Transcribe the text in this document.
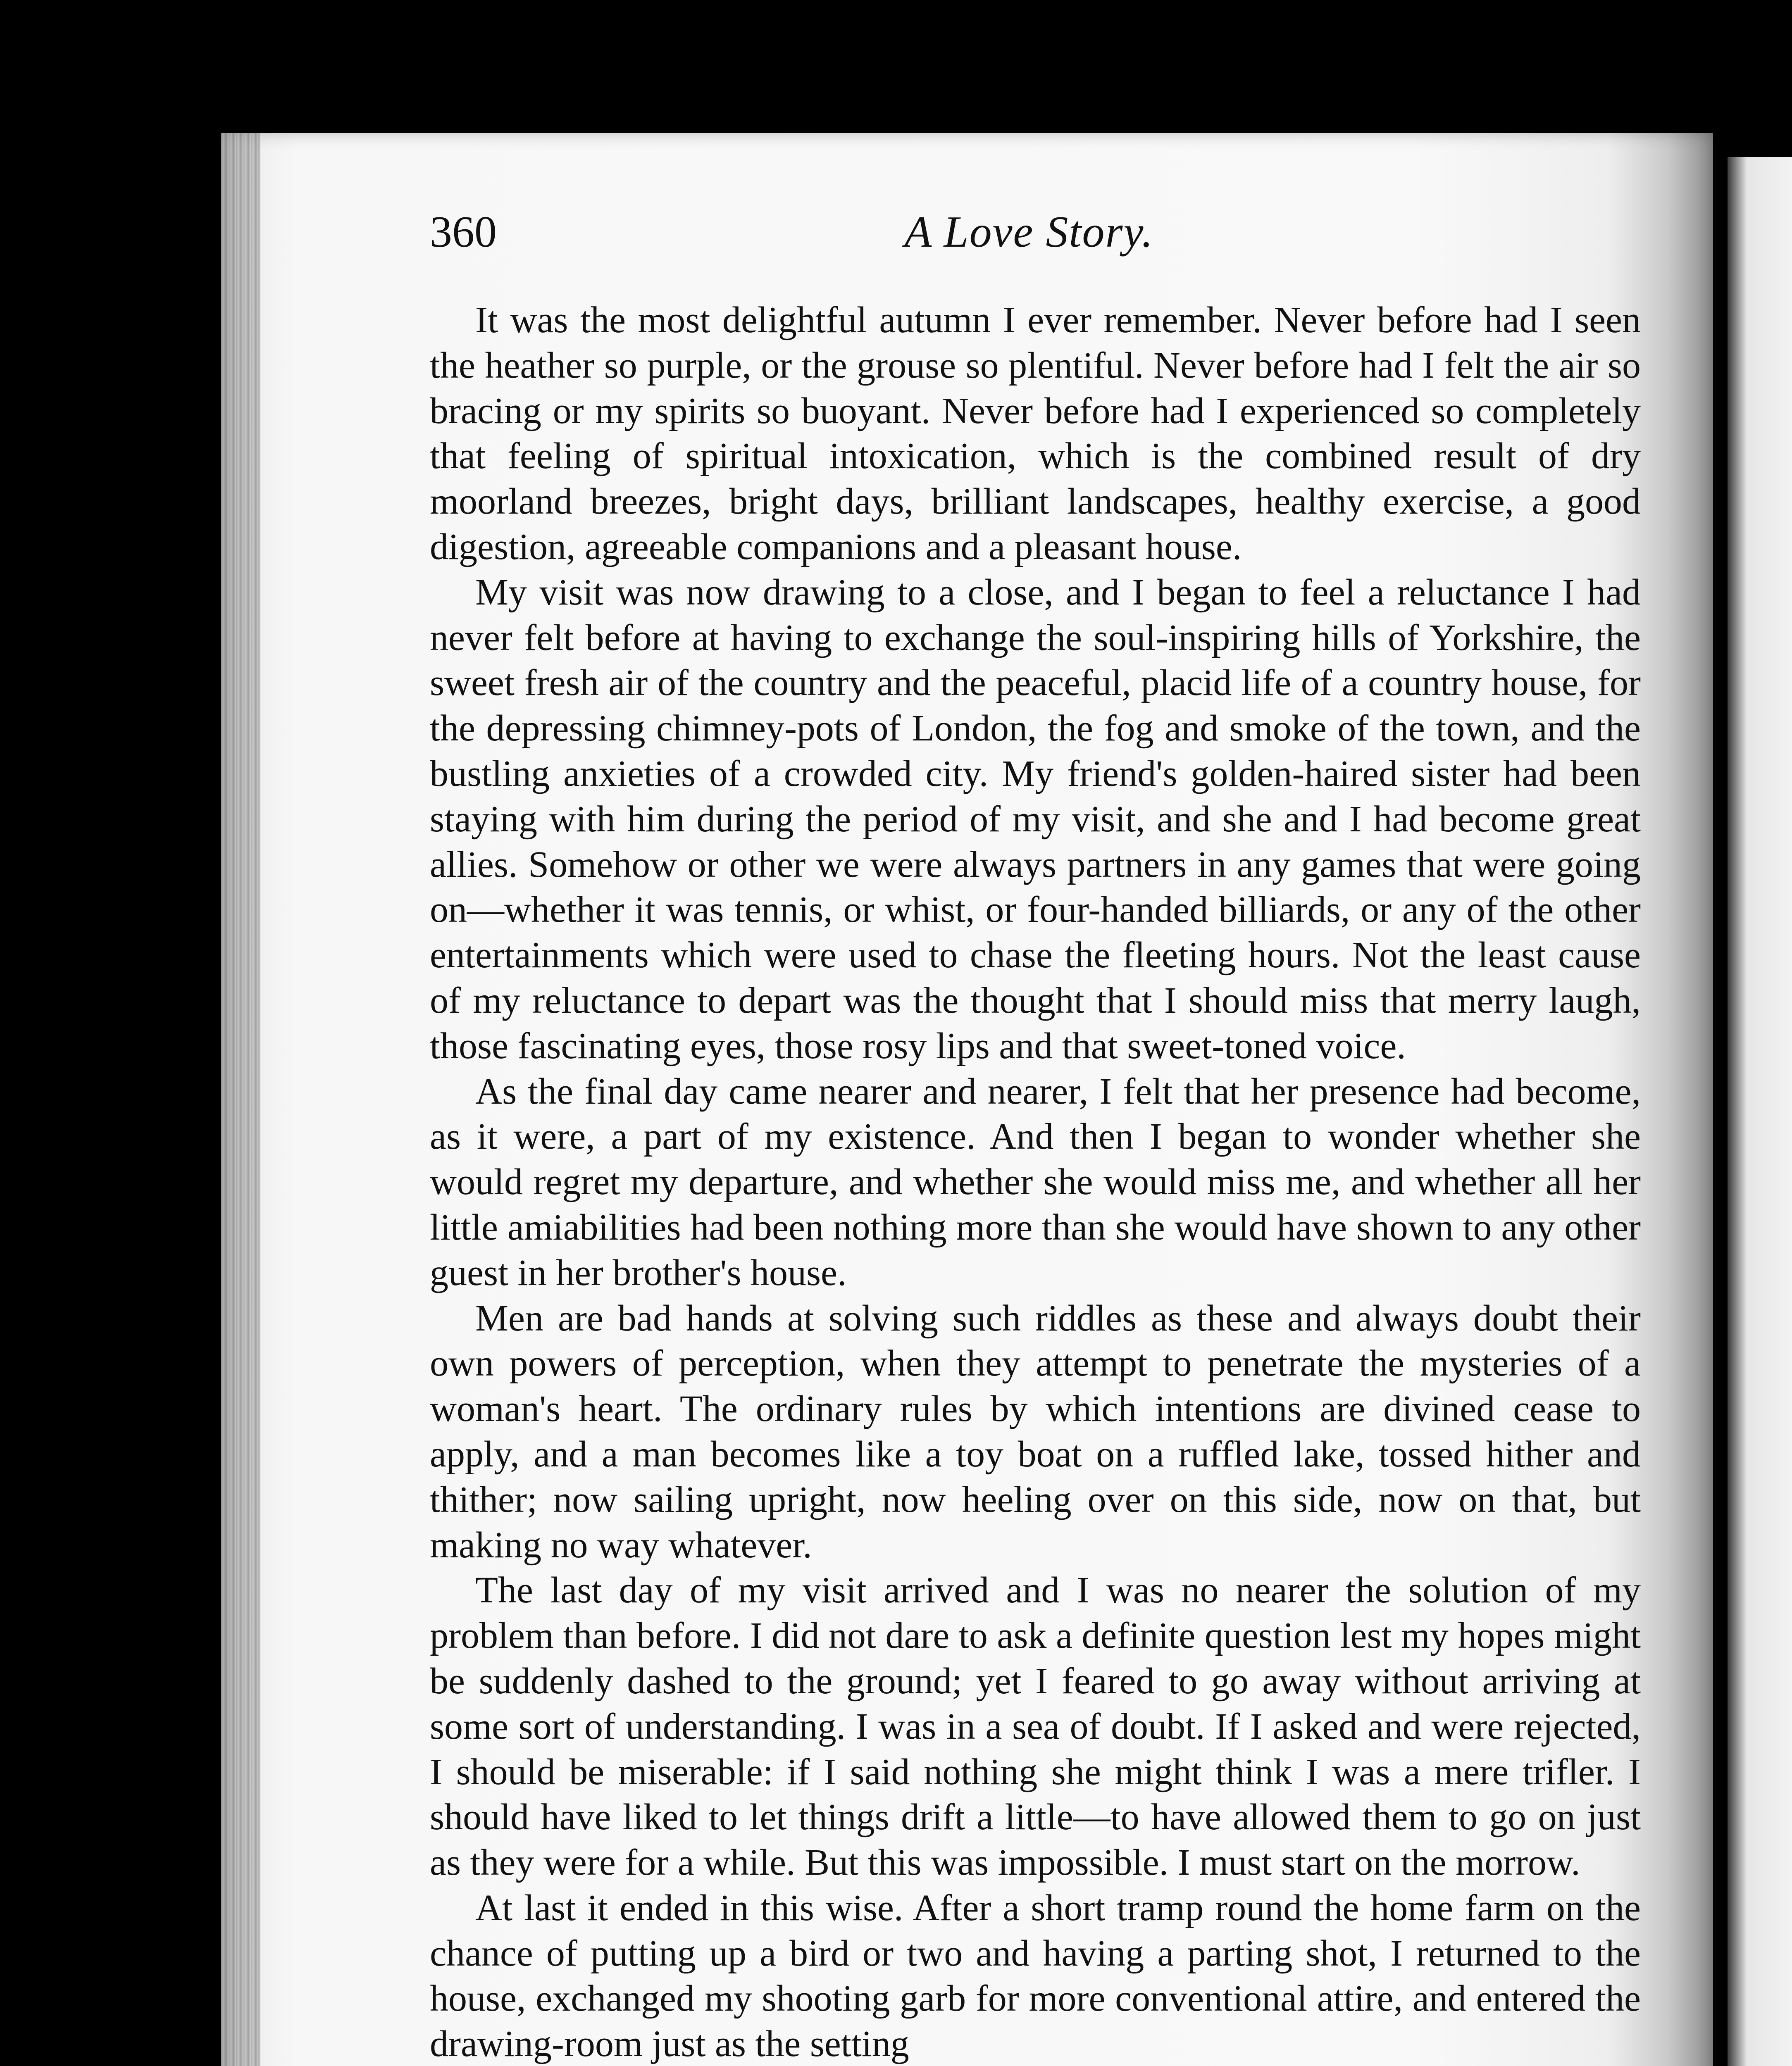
360	A Love Story.

It was the most delightful autumn I ever remember. Never before had I seen the heather so purple, or the grouse so plentiful. Never before had I felt the air so bracing or my spirits so buoyant. Never before had I experienced so completely that feeling of spiritual intoxication, which is the combined result of dry moorland breezes, bright days, brilliant landscapes, healthy exercise, a good digestion, agreeable companions and a pleasant house.

My visit was now drawing to a close, and I began to feel a reluctance I had never felt before at having to exchange the soul-inspiring hills of Yorkshire, the sweet fresh air of the country and the peaceful, placid life of a country house, for the depressing chimney-pots of London, the fog and smoke of the town, and the bustling anxieties of a crowded city. My friend's golden-haired sister had been staying with him during the period of my visit, and she and I had become great allies. Somehow or other we were always partners in any games that were going on—whether it was tennis, or whist, or four-handed billiards, or any of the other entertainments which were used to chase the fleeting hours. Not the least cause of my reluctance to depart was the thought that I should miss that merry laugh, those fascinating eyes, those rosy lips and that sweet-toned voice.

As the final day came nearer and nearer, I felt that her presence had become, as it were, a part of my existence. And then I began to wonder whether she would regret my departure, and whether she would miss me, and whether all her little amiabilities had been nothing more than she would have shown to any other guest in her brother's house.

Men are bad hands at solving such riddles as these and always doubt their own powers of perception, when they attempt to penetrate the mysteries of a woman's heart. The ordinary rules by which intentions are divined cease to apply, and a man becomes like a toy boat on a ruffled lake, tossed hither and thither; now sailing upright, now heeling over on this side, now on that, but making no way whatever.

The last day of my visit arrived and I was no nearer the solution of my problem than before. I did not dare to ask a definite question lest my hopes might be suddenly dashed to the ground; yet I feared to go away without arriving at some sort of understanding. I was in a sea of doubt. If I asked and were rejected, I should be miserable: if I said nothing she might think I was a mere trifler. I should have liked to let things drift a little—to have allowed them to go on just as they were for a while. But this was impossible. I must start on the morrow.

At last it ended in this wise. After a short tramp round the home farm on the chance of putting up a bird or two and having a parting shot, I returned to the house, exchanged my shooting garb for more conventional attire, and entered the drawing-room just as the setting
